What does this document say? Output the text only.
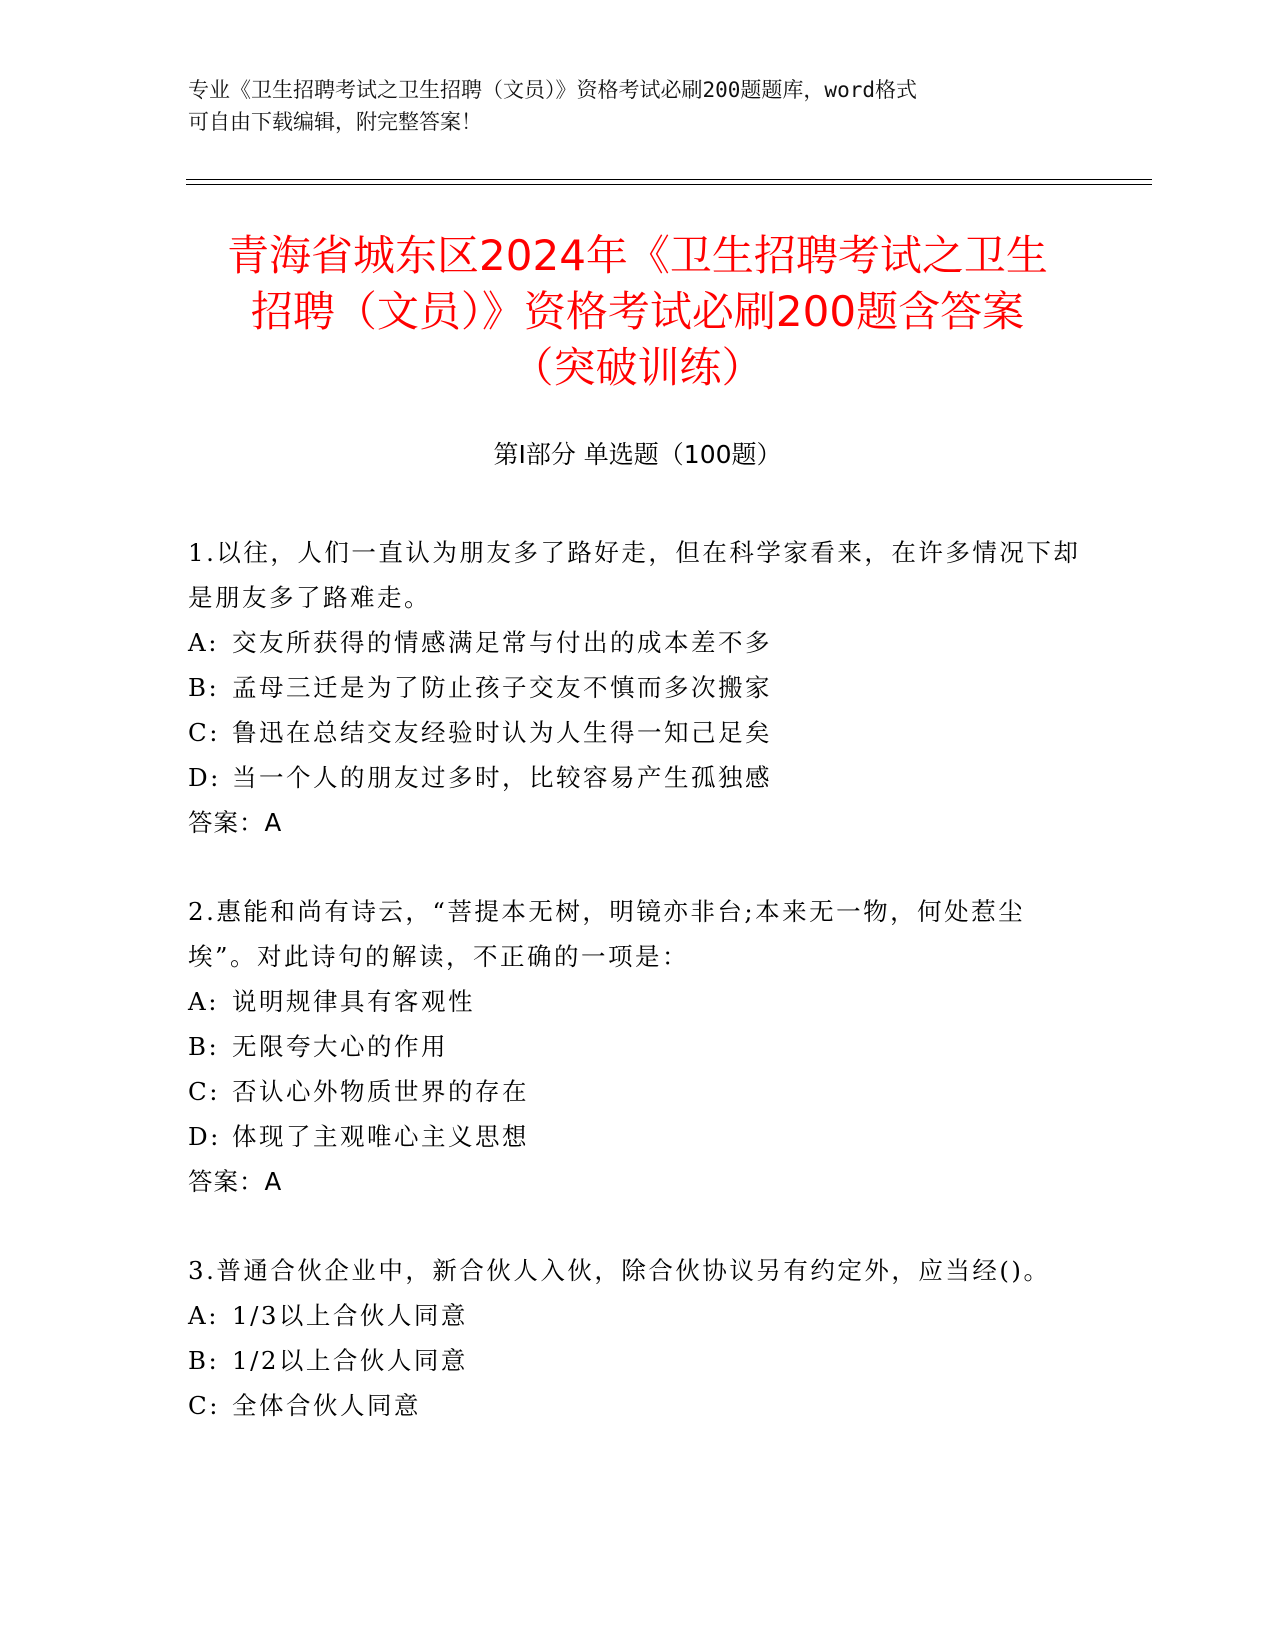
专业《卫生招聘考试之卫生招聘（文员）》资格考试必刷200题题库，word格式
可自由下载编辑，附完整答案！
青海省城东区2024年《卫生招聘考试之卫生
招聘（文员）》资格考试必刷200题含答案
（突破训练）
第Ⅰ部分 单选题（100题）
1.以往，人们一直认为朋友多了路好走，但在科学家看来，在许多情况下却是朋友多了路难走。
A: 交友所获得的情感满足常与付出的成本差不多
B: 孟母三迁是为了防止孩子交友不慎而多次搬家
C: 鲁迅在总结交友经验时认为人生得一知己足矣
D: 当一个人的朋友过多时，比较容易产生孤独感
答案：A
2.惠能和尚有诗云，“菩提本无树，明镜亦非台;本来无一物，何处惹尘埃”。对此诗句的解读，不正确的一项是：
A: 说明规律具有客观性
B: 无限夸大心的作用
C: 否认心外物质世界的存在
D: 体现了主观唯心主义思想
答案：A
3.普通合伙企业中，新合伙人入伙，除合伙协议另有约定外，应当经()。
A: 1/3以上合伙人同意
B: 1/2以上合伙人同意
C: 全体合伙人同意
